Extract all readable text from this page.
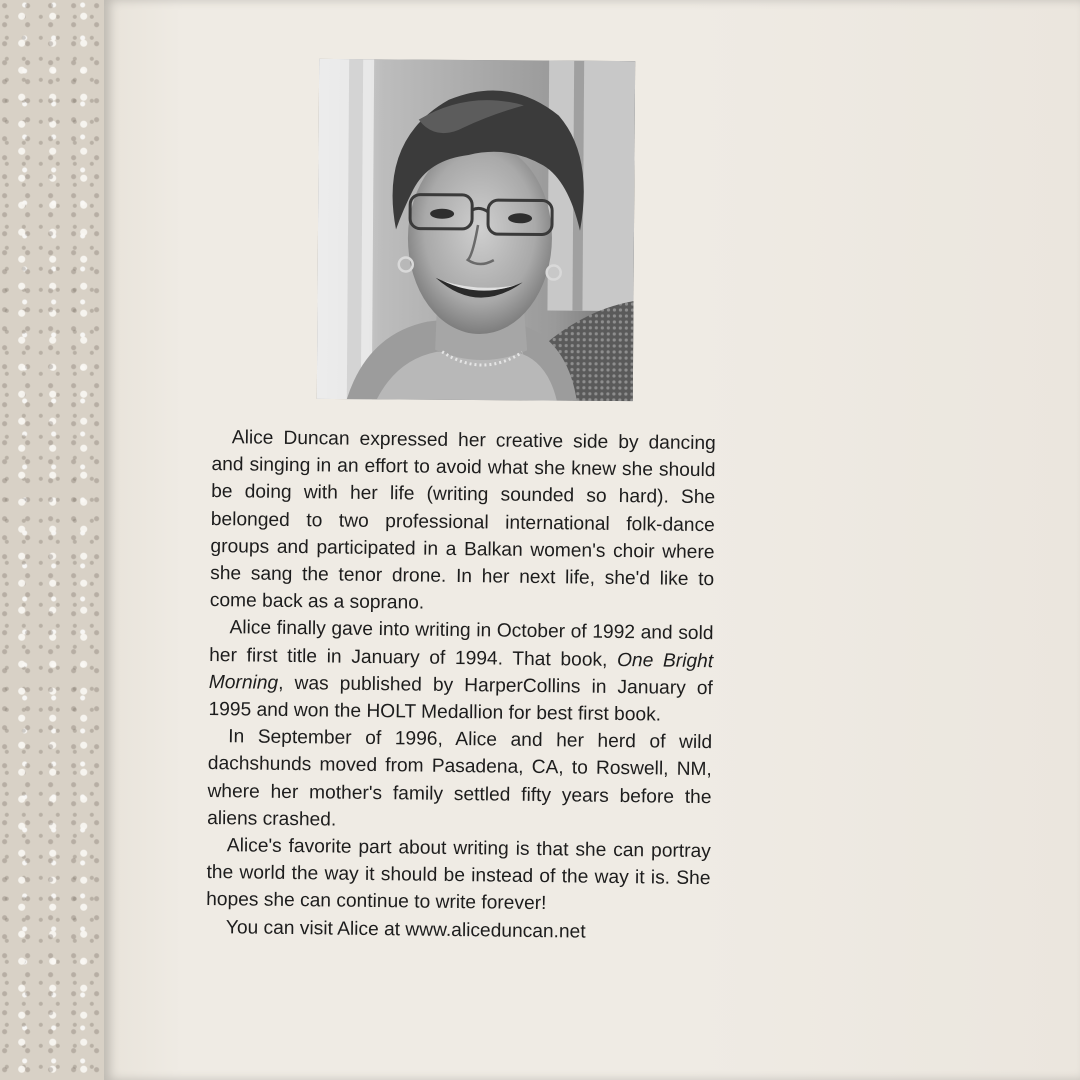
Alice Duncan expressed her creative side by dancing and singing in an effort to avoid what she knew she should be doing with her life (writing sounded so hard). She belonged to two professional international folk-dance groups and participated in a Balkan women's choir where she sang the tenor drone. In her next life, she'd like to come back as a soprano.

Alice finally gave into writing in October of 1992 and sold her first title in January of 1994. That book, One Bright Morning, was published by HarperCollins in January of 1995 and won the HOLT Medallion for best first book.

In September of 1996, Alice and her herd of wild dachshunds moved from Pasadena, CA, to Roswell, NM, where her mother's family settled fifty years before the aliens crashed.

Alice's favorite part about writing is that she can portray the world the way it should be instead of the way it is. She hopes she can continue to write forever!

You can visit Alice at www.aliceduncan.net
